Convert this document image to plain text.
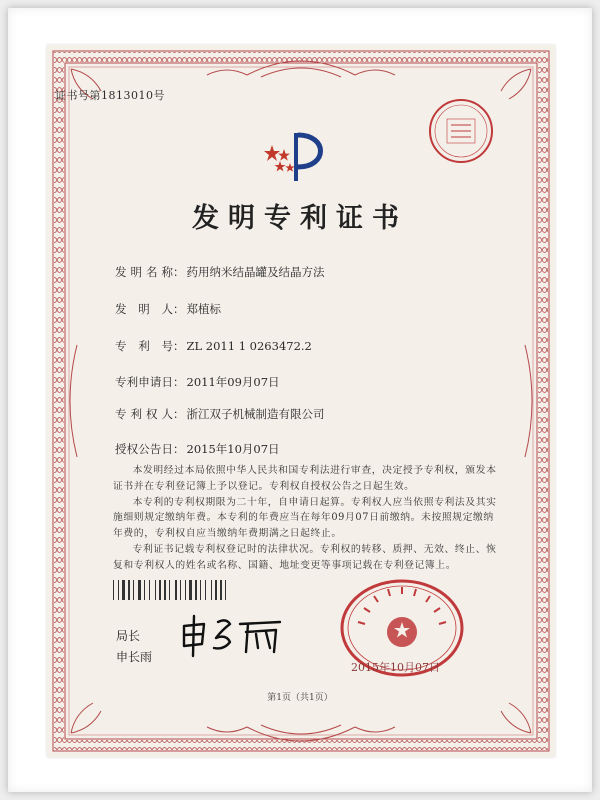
证书号第1813010号
发明专利证书
发 明 名 称： 药用纳米结晶罐及结晶方法
发 明 人： 郑植标
专 利 号： ZL 2011 1 0263472.2
专利申请日： 2011年09月07日
专 利 权 人： 浙江双子机械制造有限公司
授权公告日： 2015年10月07日

本发明经过本局依照中华人民共和国专利法进行审查，决定授予专利权，颁发本证书并在专利登记簿上予以登记。专利权自授权公告之日起生效。

本专利的专利权期限为二十年，自申请日起算。专利权人应当依照专利法及其实施细则规定缴纳年费。本专利的年费应当在每年09月07日前缴纳。未按照规定缴纳年费的，专利权自应当缴纳年费期满之日起终止。

专利证书记载专利权登记时的法律状况。专利权的转移、质押、无效、终止、恢复和专利权人的姓名或名称、国籍、地址变更等事项记载在专利登记簿上。

局长
申长雨
2015年10月07日
第1页（共1页）
